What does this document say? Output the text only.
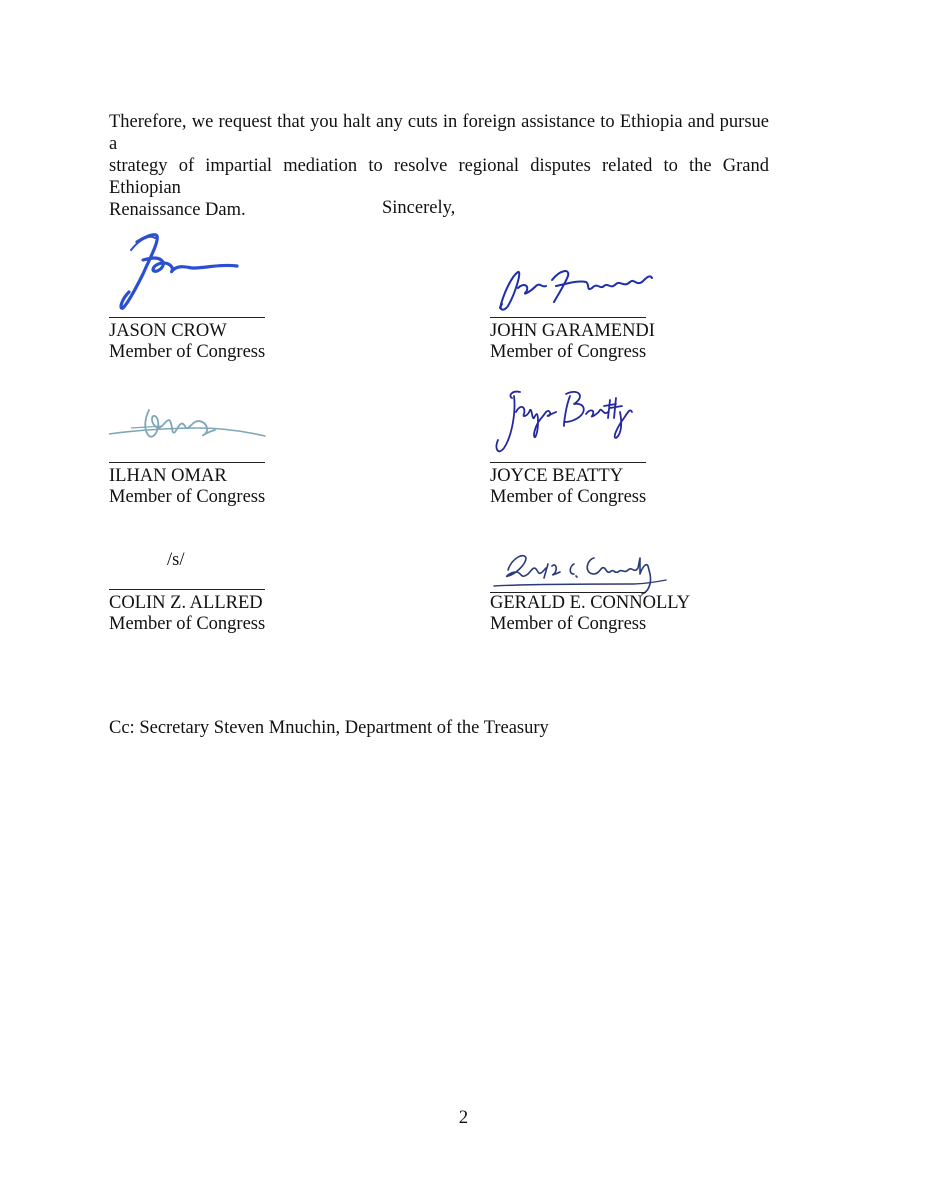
Therefore, we request that you halt any cuts in foreign assistance to Ethiopia and pursue a
strategy of impartial mediation to resolve regional disputes related to the Grand Ethiopian
Renaissance Dam.	Sincerely,

JASON CROW
Member of Congress
JOHN GARAMENDI
Member of Congress
ILHAN OMAR
Member of Congress
JOYCE BEATTY
Member of Congress
/s/
COLIN Z. ALLRED
Member of Congress
GERALD E. CONNOLLY
Member of Congress

Cc: Secretary Steven Mnuchin, Department of the Treasury

2
